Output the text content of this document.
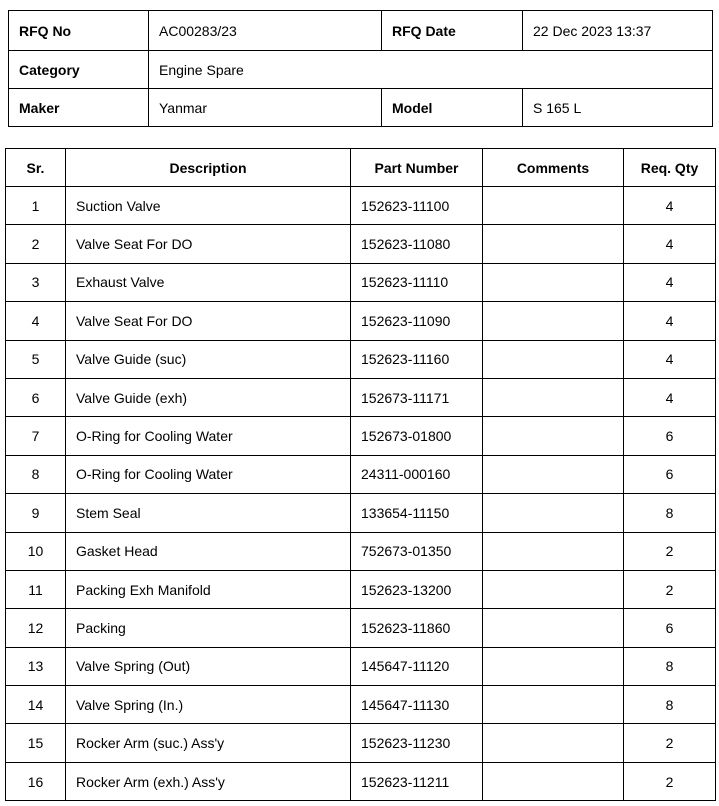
RFQ No	AC00283/23	RFQ Date	22 Dec 2023 13:37
Category	Engine Spare		
Maker	Yanmar	Model	S 165 L
Sr.	Description	Part Number	Comments	Req. Qty
1	Suction Valve	152623-11100		4
2	Valve Seat For DO	152623-11080		4
3	Exhaust Valve	152623-11110		4
4	Valve Seat For DO	152623-11090		4
5	Valve Guide (suc)	152623-11160		4
6	Valve Guide (exh)	152673-11171		4
7	O-Ring for Cooling Water	152673-01800		6
8	O-Ring for Cooling Water	24311-000160		6
9	Stem Seal	133654-11150		8
10	Gasket Head	752673-01350		2
11	Packing Exh Manifold	152623-13200		2
12	Packing	152623-11860		6
13	Valve Spring (Out)	145647-11120		8
14	Valve Spring (In.)	145647-11130		8
15	Rocker Arm (suc.) Ass'y	152623-11230		2
16	Rocker Arm (exh.) Ass'y	152623-11211		2
